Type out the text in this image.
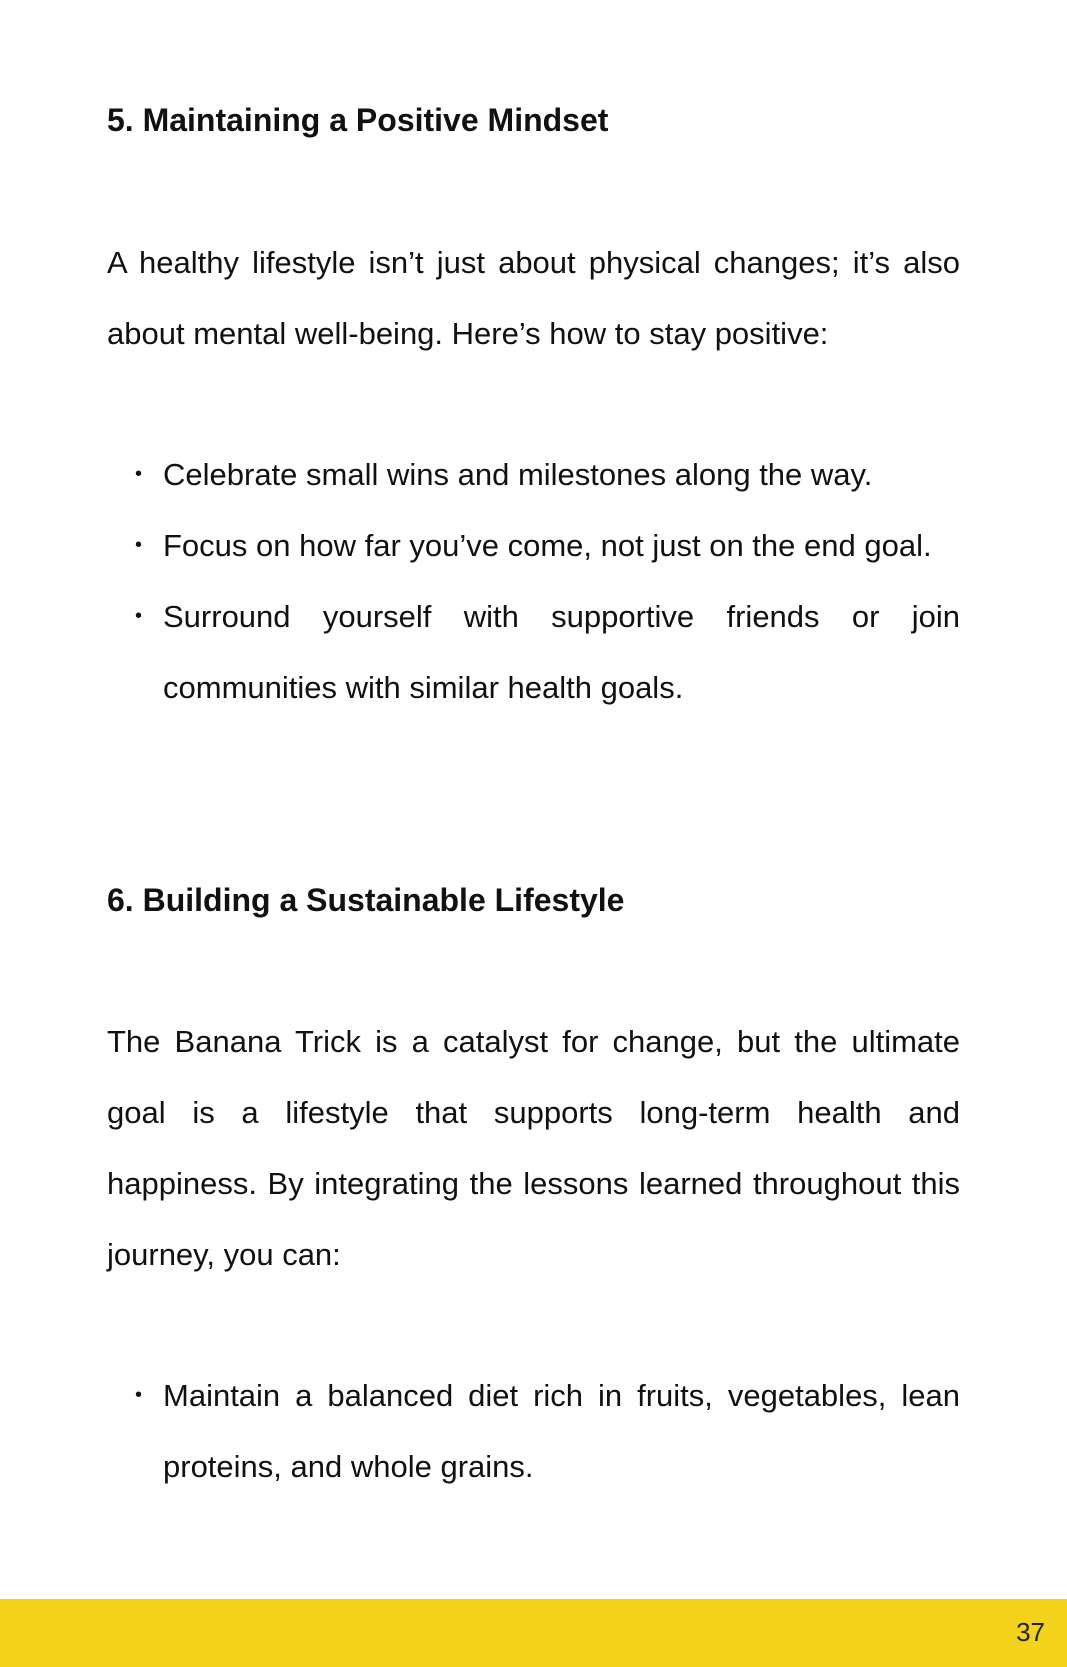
5. Maintaining a Positive Mindset

A healthy lifestyle isn’t just about physical changes; it’s also about mental well-being. Here’s how to stay positive:

• Celebrate small wins and milestones along the way.
• Focus on how far you’ve come, not just on the end goal.
• Surround yourself with supportive friends or join communities with similar health goals.
6. Building a Sustainable Lifestyle

The Banana Trick is a catalyst for change, but the ultimate goal is a lifestyle that supports long-term health and happiness. By integrating the lessons learned throughout this journey, you can:

• Maintain a balanced diet rich in fruits, vegetables, lean proteins, and whole grains.
37
